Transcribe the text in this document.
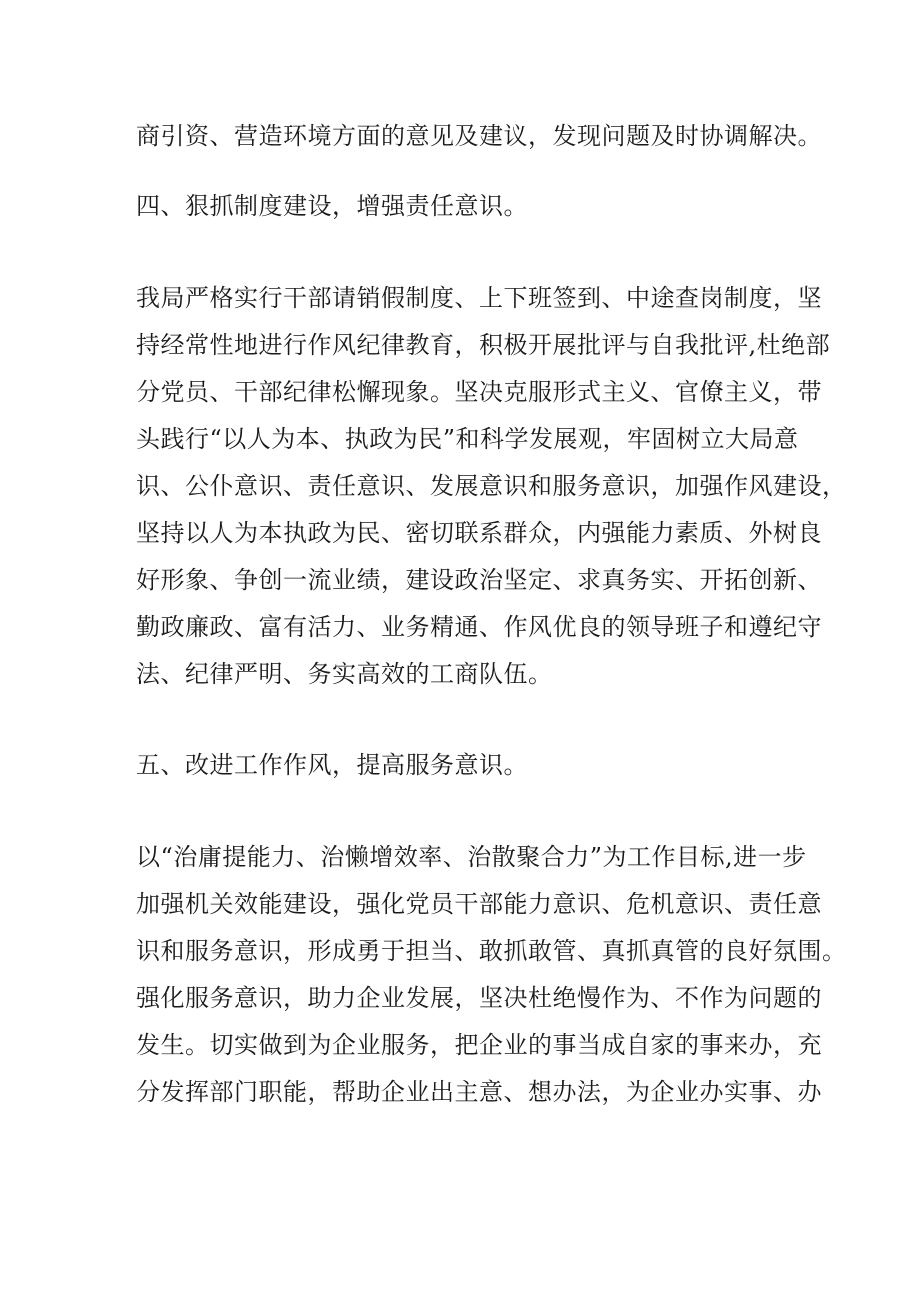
商引资、营造环境方面的意见及建议，发现问题及时协调解决。
四、狠抓制度建设，增强责任意识。
我局严格实行干部请销假制度、上下班签到、中途查岗制度，坚
持经常性地进行作风纪律教育，积极开展批评与自我批评,杜绝部
分党员、干部纪律松懈现象。坚决克服形式主义、官僚主义，带
头践行“以人为本、执政为民”和科学发展观，牢固树立大局意
识、公仆意识、责任意识、发展意识和服务意识，加强作风建设，
坚持以人为本执政为民、密切联系群众，内强能力素质、外树良
好形象、争创一流业绩，建设政治坚定、求真务实、开拓创新、
勤政廉政、富有活力、业务精通、作风优良的领导班子和遵纪守
法、纪律严明、务实高效的工商队伍。
五、改进工作作风，提高服务意识。
以“治庸提能力、治懒增效率、治散聚合力”为工作目标,进一步
加强机关效能建设，强化党员干部能力意识、危机意识、责任意
识和服务意识，形成勇于担当、敢抓敢管、真抓真管的良好氛围。
强化服务意识，助力企业发展，坚决杜绝慢作为、不作为问题的
发生。切实做到为企业服务，把企业的事当成自家的事来办，充
分发挥部门职能，帮助企业出主意、想办法，为企业办实事、办
